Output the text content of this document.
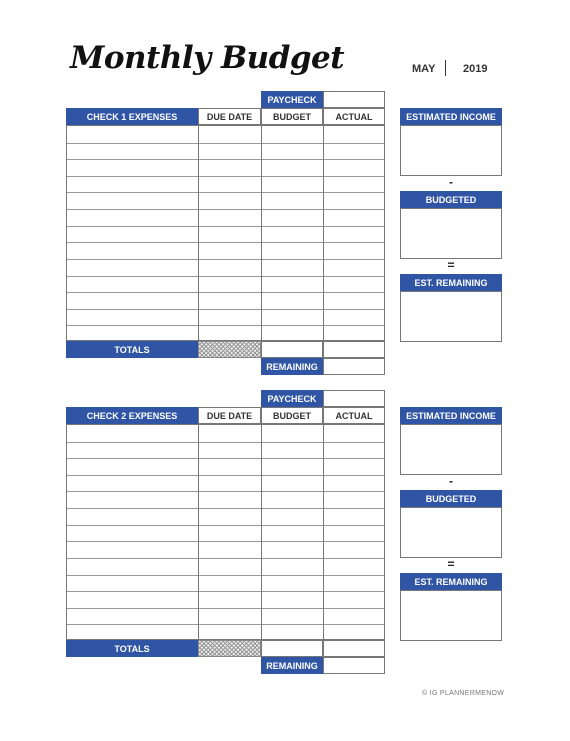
Monthly Budget	MAY	2019
PAYCHECK
CHECK 1 EXPENSES	DUE DATE	BUDGET	ACTUAL
TOTALS
REMAINING
ESTIMATED INCOME
-
BUDGETED
=
EST. REMAINING
PAYCHECK
CHECK 2 EXPENSES	DUE DATE	BUDGET	ACTUAL
TOTALS
REMAINING
ESTIMATED INCOME
-
BUDGETED
=
EST. REMAINING
© IG PLANNERMENOW
